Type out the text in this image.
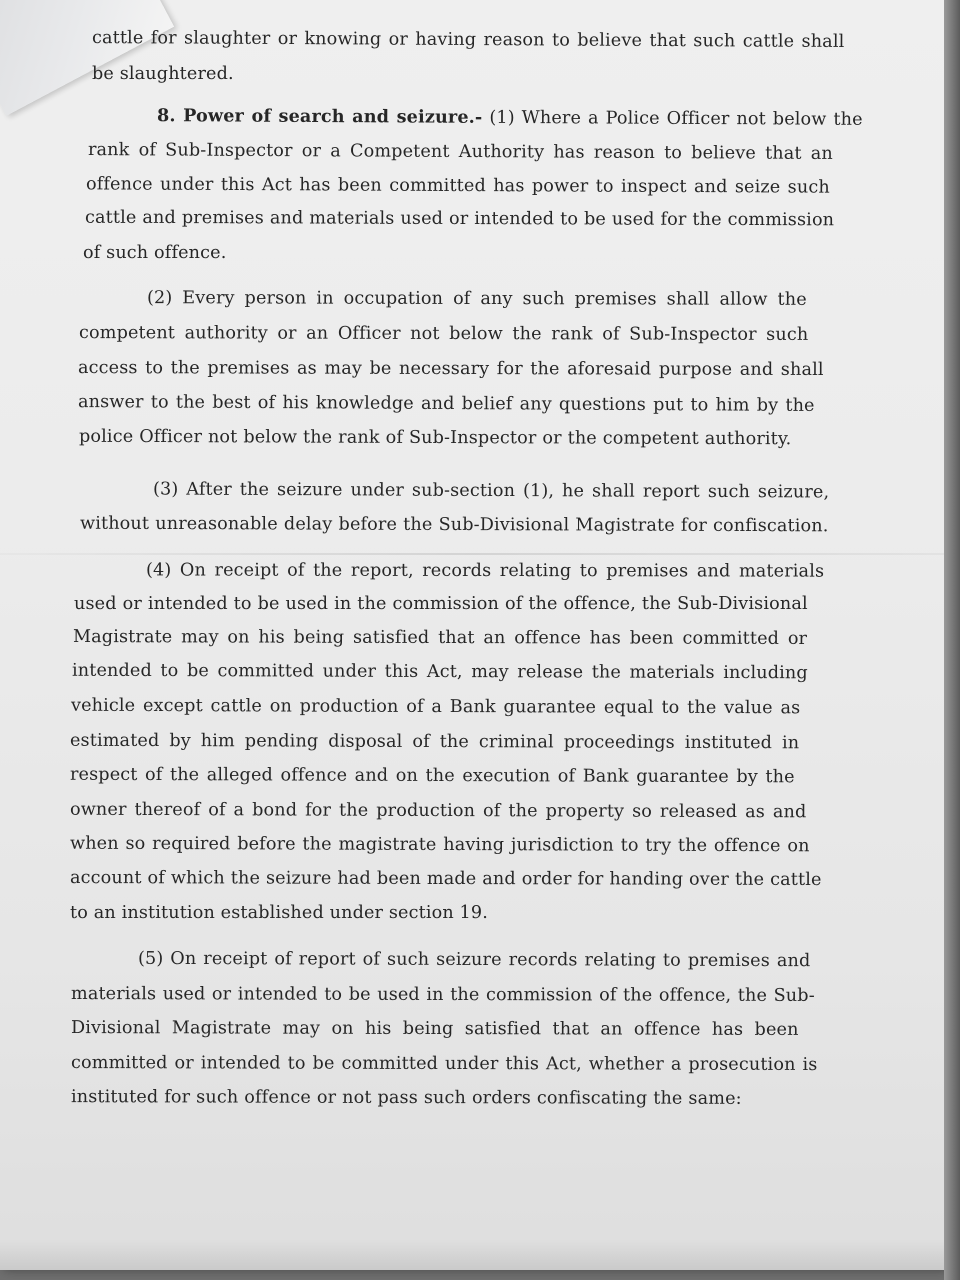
cattle for slaughter or knowing or having reason to believe that such cattle shall
be slaughtered.
8. Power of search and seizure.- (1) Where a Police Officer not below the
rank of Sub-Inspector or a Competent Authority has reason to believe that an
offence under this Act has been committed has power to inspect and seize such
cattle and premises and materials used or intended to be used for the commission
of such offence.
(2) Every person in occupation of any such premises shall allow the
competent authority or an Officer not below the rank of Sub-Inspector such
access to the premises as may be necessary for the aforesaid purpose and shall
answer to the best of his knowledge and belief any questions put to him by the
police Officer not below the rank of Sub-Inspector or the competent authority.
(3) After the seizure under sub-section (1), he shall report such seizure,
without unreasonable delay before the Sub-Divisional Magistrate for confiscation.
(4) On receipt of the report, records relating to premises and materials
used or intended to be used in the commission of the offence, the Sub-Divisional
Magistrate may on his being satisfied that an offence has been committed or
intended to be committed under this Act, may release the materials including
vehicle except cattle on production of a Bank guarantee equal to the value as
estimated by him pending disposal of the criminal proceedings instituted in
respect of the alleged offence and on the execution of Bank guarantee by the
owner thereof of a bond for the production of the property so released as and
when so required before the magistrate having jurisdiction to try the offence on
account of which the seizure had been made and order for handing over the cattle
to an institution established under section 19.
(5) On receipt of report of such seizure records relating to premises and
materials used or intended to be used in the commission of the offence, the Sub-
Divisional Magistrate may on his being satisfied that an offence has been
committed or intended to be committed under this Act, whether a prosecution is
instituted for such offence or not pass such orders confiscating the same:
